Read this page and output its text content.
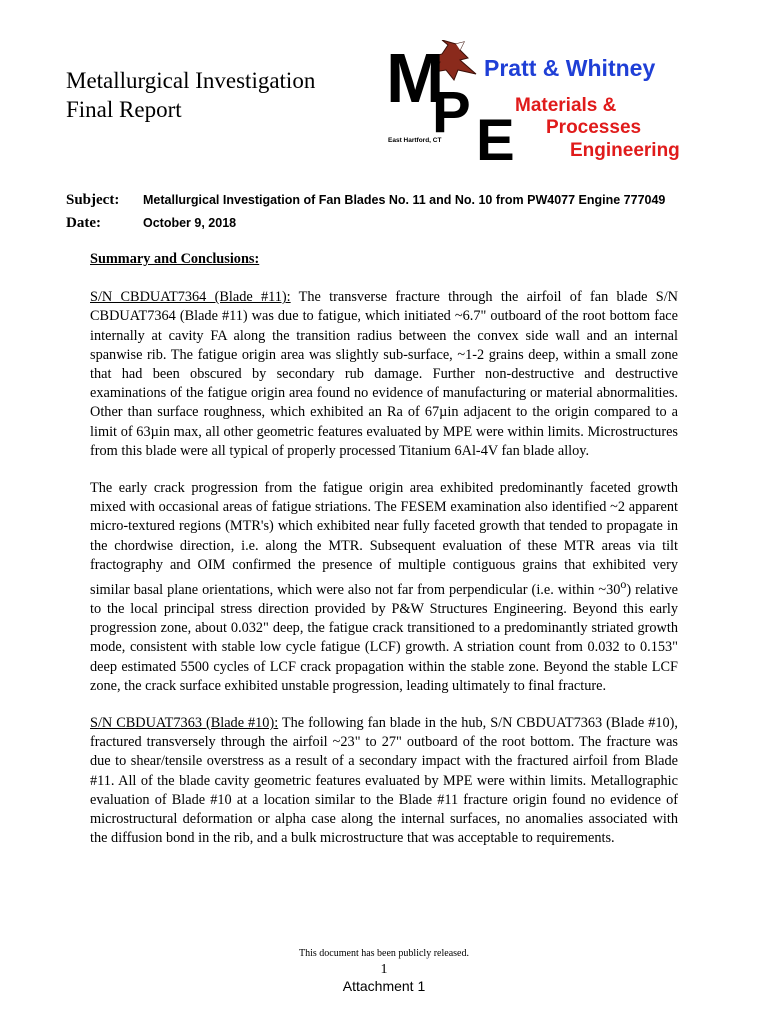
Metallurgical Investigation
Final Report	M
P E
East Hartford, CT
Pratt & Whitney
Materials &
Processes
Engineering
Subject: Metallurgical Investigation of Fan Blades No. 11 and No. 10 from PW4077 Engine 777049
Date:	October 9, 2018
Summary and Conclusions:

S/N CBDUAT7364 (Blade #11): The transverse fracture through the airfoil of fan blade S/N CBDUAT7364 (Blade #11) was due to fatigue, which initiated ~6.7" outboard of the root bottom face internally at cavity FA along the transition radius between the convex side wall and an internal spanwise rib. The fatigue origin area was slightly sub-surface, ~1-2 grains deep, within a small zone that had been obscured by secondary rub damage. Further non-destructive and destructive examinations of the fatigue origin area found no evidence of manufacturing or material abnormalities. Other than surface roughness, which exhibited an Ra of 67µin adjacent to the origin compared to a limit of 63µin max, all other geometric features evaluated by MPE were within limits. Microstructures from this blade were all typical of properly processed Titanium 6Al-4V fan blade alloy.

The early crack progression from the fatigue origin area exhibited predominantly faceted growth mixed with occasional areas of fatigue striations. The FESEM examination also identified ~2 apparent micro-textured regions (MTR's) which exhibited near fully faceted growth that tended to propagate in the chordwise direction, i.e. along the MTR. Subsequent evaluation of these MTR areas via tilt fractography and OIM confirmed the presence of multiple contiguous grains that exhibited very similar basal plane orientations, which were also not far from perpendicular (i.e. within ~30$^o$) relative to the local principal stress direction provided by P&W Structures Engineering. Beyond this early progression zone, about 0.032" deep, the fatigue crack transitioned to a predominantly striated growth mode, consistent with stable low cycle fatigue (LCF) growth. A striation count from 0.032 to 0.153" deep estimated 5500 cycles of LCF crack propagation within the stable zone. Beyond the stable LCF zone, the crack surface exhibited unstable progression, leading ultimately to final fracture.

S/N CBDUAT7363 (Blade #10): The following fan blade in the hub, S/N CBDUAT7363 (Blade #10), fractured transversely through the airfoil ~23" to 27" outboard of the root bottom. The fracture was due to shear/tensile overstress as a result of a secondary impact with the fractured airfoil from Blade #11. All of the blade cavity geometric features evaluated by MPE were within limits. Metallographic evaluation of Blade #10 at a location similar to the Blade #11 fracture origin found no evidence of microstructural deformation or alpha case along the internal surfaces, no anomalies associated with the diffusion bond in the rib, and a bulk microstructure that was acceptable to requirements.

This document has been publicly released.
1
Attachment 1
